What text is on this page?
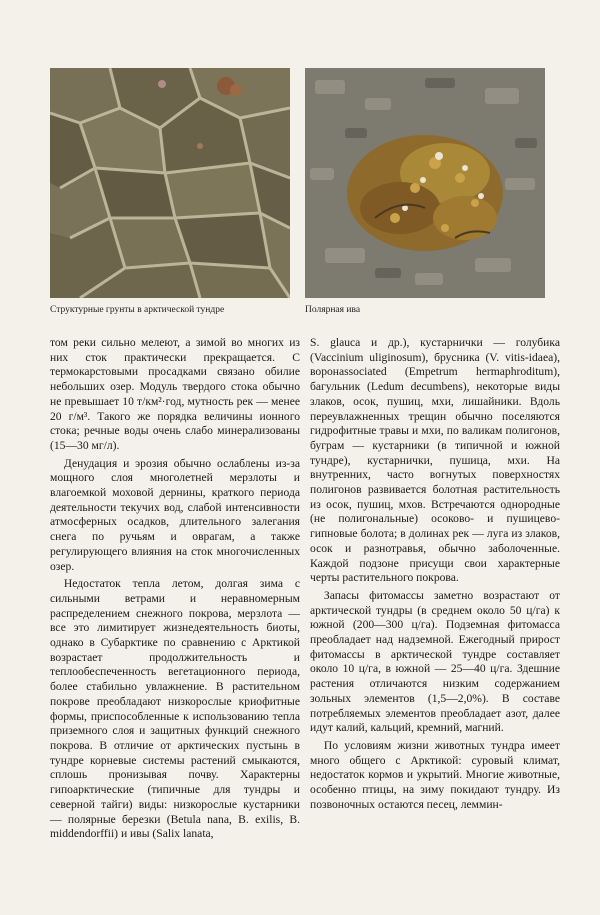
Структурные грунты в арктической тундре	Полярная ива

том реки сильно мелеют, а зимой во многих из них сток практически прекращается. С термокарстовыми просадками связано обилие небольших озер. Модуль твердого стока обычно не превышает 10 т/км²·год, мутность рек — менее 20 г/м³. Такого же порядка величины ионного стока; речные воды очень слабо минерализованы (15—30 мг/л).

Денудация и эрозия обычно ослаблены из-за мощного слоя многолетней мерзлоты и влагоемкой моховой дернины, краткого периода деятельности текучих вод, слабой интенсивности атмосферных осадков, длительного залегания снега по ручьям и оврагам, а также регулирующего влияния на сток многочисленных озер.

Недостаток тепла летом, долгая зима с сильными ветрами и неравномерным распределением снежного покрова, мерзлота — все это лимитирует жизнедеятельность биоты, однако в Субарктике по сравнению с Арктикой возрастает продолжительность и теплообеспеченность вегетационного периода, более стабильно увлажнение. В растительном покрове преобладают низкорослые криофитные формы, приспособленные к использованию тепла приземного слоя и защитных функций снежного покрова. В отличие от арктических пустынь в тундре корневые системы растений смыкаются, сплошь пронизывая почву. Характерны гипоарктические (типичные для тундры и северной тайги) виды: низкорослые кустарники — полярные березки (Betula nana, B. exilis, B. middendorffii) и ивы (Salix lanata,

S. glauca и др.), кустарнички — голубика (Vaccinium uliginosum), брусника (V. vitis-idaea), воронassociated (Empetrum hermaphroditum), багульник (Ledum decumbens), некоторые виды злаков, осок, пушиц, мхи, лишайники. Вдоль переувлажненных трещин обычно поселяются гидрофитные травы и мхи, по валикам полигонов, буграм — кустарники (в типичной и южной тундре), кустарнички, пушица, мхи. На внутренних, часто вогнутых поверхностях полигонов развивается болотная растительность из осок, пушиц, мхов. Встречаются однородные (не полигональные) осоково- и пушицево-гипновые болота; в долинах рек — луга из злаков, осок и разнотравья, обычно заболоченные. Каждой подзоне присущи свои характерные черты растительного покрова.

Запасы фитомассы заметно возрастают от арктической тундры (в среднем около 50 ц/га) к южной (200—300 ц/га). Подземная фитомасса преобладает над надземной. Ежегодный прирост фитомассы в арктической тундре составляет около 10 ц/га, в южной — 25—40 ц/га. Здешние растения отличаются низким содержанием зольных элементов (1,5—2,0%). В составе потребляемых элементов преобладает азот, далее идут калий, кальций, кремний, магний.

По условиям жизни животных тундра имеет много общего с Арктикой: суровый климат, недостаток кормов и укрытий. Многие животные, особенно птицы, на зиму покидают тундру. Из позвоночных остаются песец, леммин-
